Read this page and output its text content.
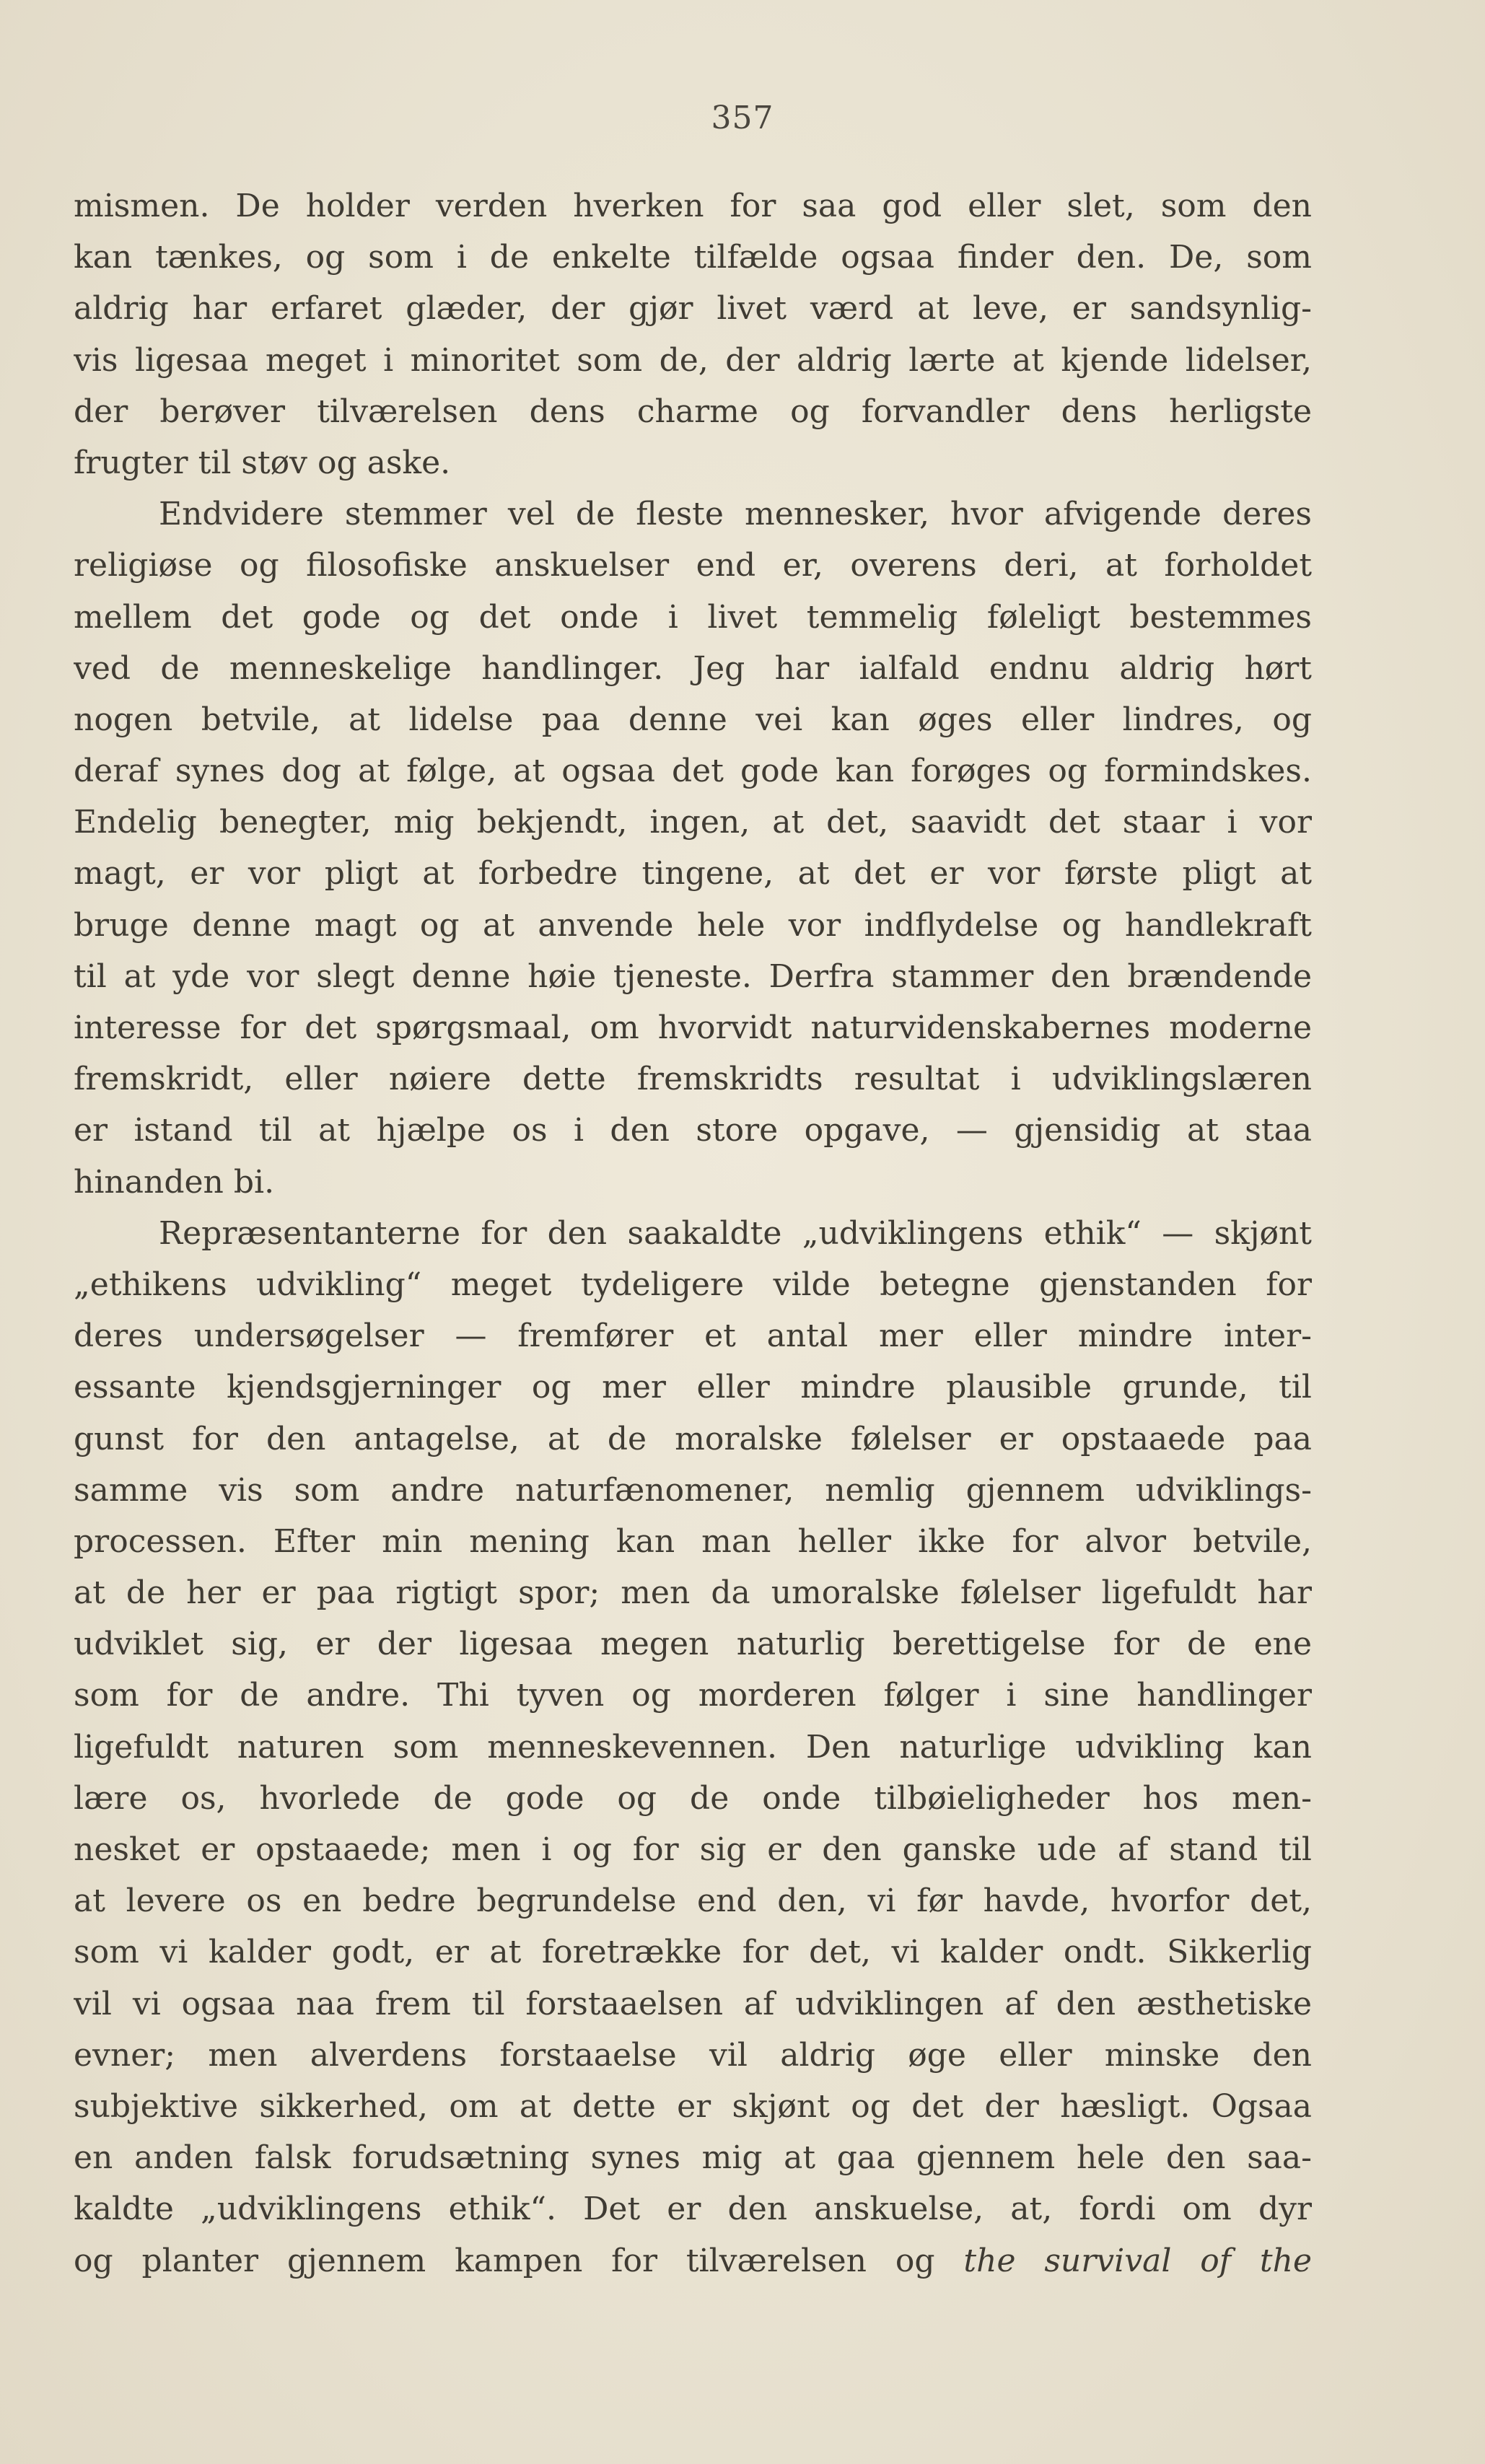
357
mismen. De holder verden hverken for saa god eller slet, som den
kan tænkes, og som i de enkelte tilfælde ogsaa finder den. De, som
aldrig har erfaret glæder, der gjør livet værd at leve, er sandsynlig-
vis ligesaa meget i minoritet som de, der aldrig lærte at kjende lidelser,
der berøver tilværelsen dens charme og forvandler dens herligste
frugter til støv og aske.
Endvidere stemmer vel de fleste mennesker, hvor afvigende deres
religiøse og filosofiske anskuelser end er, overens deri, at forholdet
mellem det gode og det onde i livet temmelig føleligt bestemmes
ved de menneskelige handlinger. Jeg har ialfald endnu aldrig hørt
nogen betvile, at lidelse paa denne vei kan øges eller lindres, og
deraf synes dog at følge, at ogsaa det gode kan forøges og formindskes.
Endelig benegter, mig bekjendt, ingen, at det, saavidt det staar i vor
magt, er vor pligt at forbedre tingene, at det er vor første pligt at
bruge denne magt og at anvende hele vor indflydelse og handlekraft
til at yde vor slegt denne høie tjeneste. Derfra stammer den brændende
interesse for det spørgsmaal, om hvorvidt naturvidenskabernes moderne
fremskridt, eller nøiere dette fremskridts resultat i udviklingslæren
er istand til at hjælpe os i den store opgave, — gjensidig at staa
hinanden bi.
Repræsentanterne for den saakaldte „udviklingens ethik“ — skjønt
„ethikens udvikling“ meget tydeligere vilde betegne gjenstanden for
deres undersøgelser — fremfører et antal mer eller mindre inter-
essante kjendsgjerninger og mer eller mindre plausible grunde, til
gunst for den antagelse, at de moralske følelser er opstaaede paa
samme vis som andre naturfænomener, nemlig gjennem udviklings-
processen. Efter min mening kan man heller ikke for alvor betvile,
at de her er paa rigtigt spor; men da umoralske følelser ligefuldt har
udviklet sig, er der ligesaa megen naturlig berettigelse for de ene
som for de andre. Thi tyven og morderen følger i sine handlinger
ligefuldt naturen som menneskevennen. Den naturlige udvikling kan
lære os, hvorlede de gode og de onde tilbøieligheder hos men-
nesket er opstaaede; men i og for sig er den ganske ude af stand til
at levere os en bedre begrundelse end den, vi før havde, hvorfor det,
som vi kalder godt, er at foretrække for det, vi kalder ondt. Sikkerlig
vil vi ogsaa naa frem til forstaaelsen af udviklingen af den æsthetiske
evner; men alverdens forstaaelse vil aldrig øge eller minske den
subjektive sikkerhed, om at dette er skjønt og det der hæsligt. Ogsaa
en anden falsk forudsætning synes mig at gaa gjennem hele den saa-
kaldte „udviklingens ethik“. Det er den anskuelse, at, fordi om dyr
og planter gjennem kampen for tilværelsen og the survival of the
